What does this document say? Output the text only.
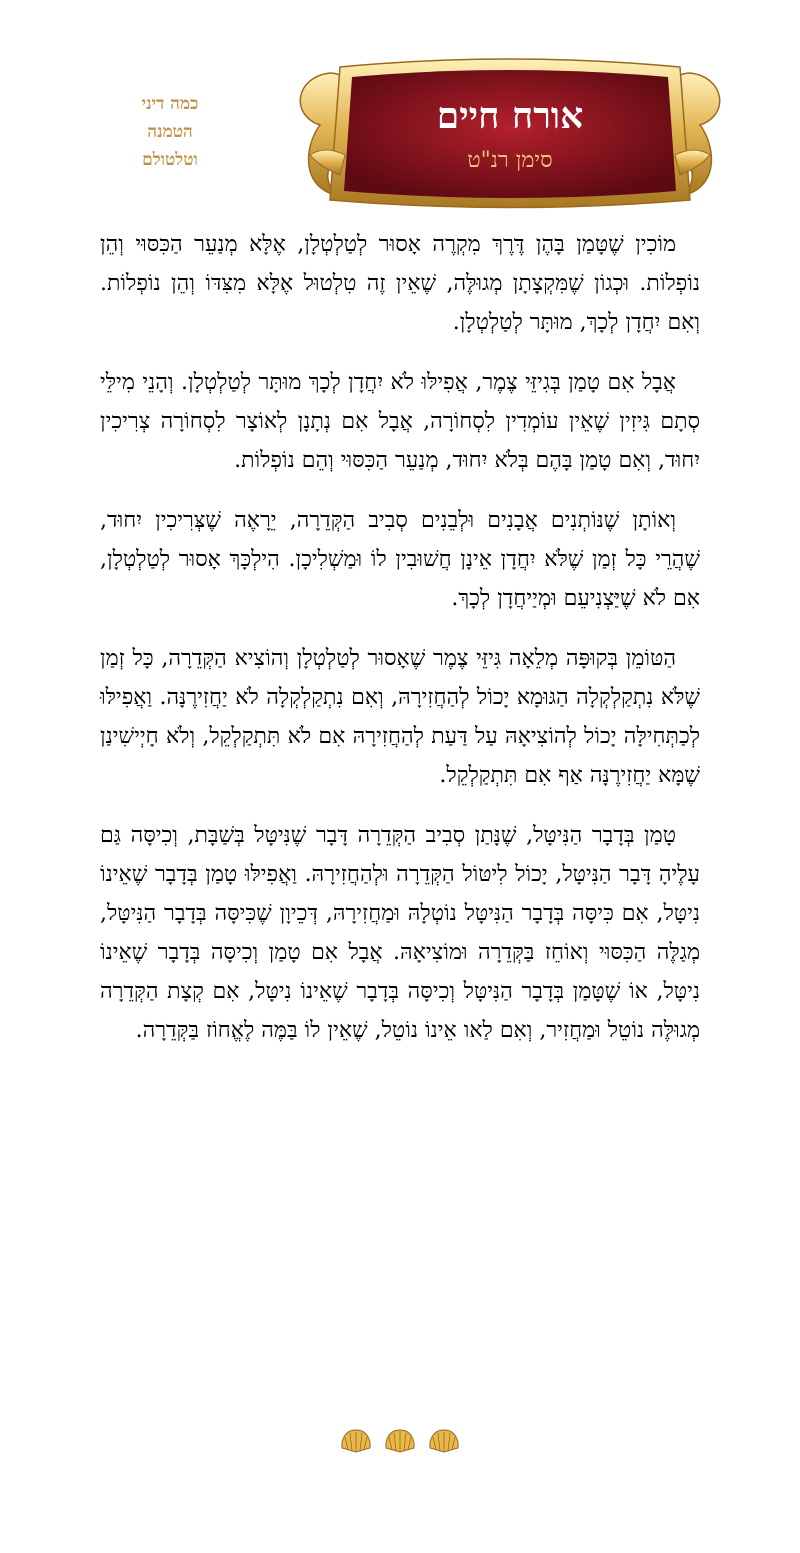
כמה דיני
הטמנה
וטלטולם
אורח חיים
סימן רנ"ט

מוֹכִין שֶׁטָּמַן בָּהֶן דֶּרֶךְ מִקְרֶה אָסוּר לְטַלְטְלָן, אֶלָּא מְנַעֵר הַכִּסּוּי וְהֵן נוֹפְלוֹת. וּכְגוֹן שֶׁמִּקְצָתָן מְגוּלֶּה, שֶׁאֵין זֶה טִלְטוּל אֶלָּא מִצִּדּוֹ וְהֵן נוֹפְלוֹת. וְאִם יִחֲדָן לְכָךְ, מוּתָּר לְטַלְטְלָן.

אֲבָל אִם טָמַן בְּגִיזֵּי צֶמֶר, אֲפִילּוּ לֹא יִחֲדָן לְכָךְ מוּתָּר לְטַלְטְלָן. וְהָנֵי מִילֵּי סְתָם גִּיזִין שֶׁאֵין עוֹמְדִין לִסְחוֹרָה, אֲבָל אִם נְתָנָן לְאוֹצָר לִסְחוֹרָה צְרִיכִין יִחוּד, וְאִם טָמַן בָּהֶם בְּלֹא יִחוּד, מְנַעֵר הַכִּסּוּי וְהֵם נוֹפְלוֹת.

וְאוֹתָן שֶׁנּוֹתְנִים אֲבָנִים וּלְבֵנִים סְבִיב הַקְּדֵרָה, יֵרָאֶה שֶׁצְּרִיכִין יִחוּד, שֶׁהֲרֵי כָּל זְמַן שֶׁלֹּא יִחֲדָן אֵינָן חֲשׁוּבִין לוֹ וּמַשְׁלִיכָן. הִילְכָּךְ אָסוּר לְטַלְטְלָן, אִם לֹא שֶׁיַּצְנִיעֵם וּמְיַיחֲדָן לְכָךְ.

הַטּוֹמֵן בְּקוּפָּה מְלֵאָה גִּיזֵּי צֶמֶר שֶׁאָסוּר לְטַלְטְלָן וְהוֹצִיא הַקְּדֵרָה, כָּל זְמַן שֶׁלֹּא נִתְקַלְקְלָה הַגּוּמָא יָכוֹל לְהַחֲזִירָהּ, וְאִם נִתְקַלְקְלָה לֹא יַחֲזִירֶנָּה. וַאֲפִילּוּ לְכַתְּחִילָּה יָכוֹל לְהוֹצִיאָהּ עַל דַּעַת לְהַחֲזִירָהּ אִם לֹא תִּתְקַלְקֵל, וְלֹא חָיְישִׁינַן שֶׁמָּא יַחֲזִירֶנָּה אַף אִם תִּתְקַלְקֵל.

טָמַן בְּדָבָר הַנִּיטָּל, שֶׁנָּתַן סְבִיב הַקְּדֵרָה דָּבָר שֶׁנִּיטָּל בְּשַׁבָּת, וְכִיסָּה גַּם עָלֶיהָ דָּבָר הַנִּיטָּל, יָכוֹל לִיטּוֹל הַקְּדֵרָה וּלְהַחֲזִירָהּ. וַאֲפִילּוּ טָמַן בְּדָבָר שֶׁאֵינוֹ נִיטָּל, אִם כִּיסָּה בְּדָבָר הַנִּיטָּל נוֹטְלָהּ וּמַחֲזִירָהּ, דְּכֵיוָן שֶׁכִּיסָּה בְּדָבָר הַנִּיטָּל, מְגַלֶּה הַכִּסּוּי וְאוֹחֵז בַּקְּדֵרָה וּמוֹצִיאָהּ. אֲבָל אִם טָמַן וְכִיסָּה בְּדָבָר שֶׁאֵינוֹ נִיטָּל, אוֹ שֶׁטָּמַן בְּדָבָר הַנִּיטָּל וְכִיסָּה בְּדָבָר שֶׁאֵינוֹ נִיטָּל, אִם קְצָת הַקְּדֵרָה מְגוּלֶּה נוֹטֵל וּמַחֲזִיר, וְאִם לַאו אֵינוֹ נוֹטֵל, שֶׁאֵין לוֹ בַּמֶּה לֶאֱחוֹז בַּקְּדֵרָה.
